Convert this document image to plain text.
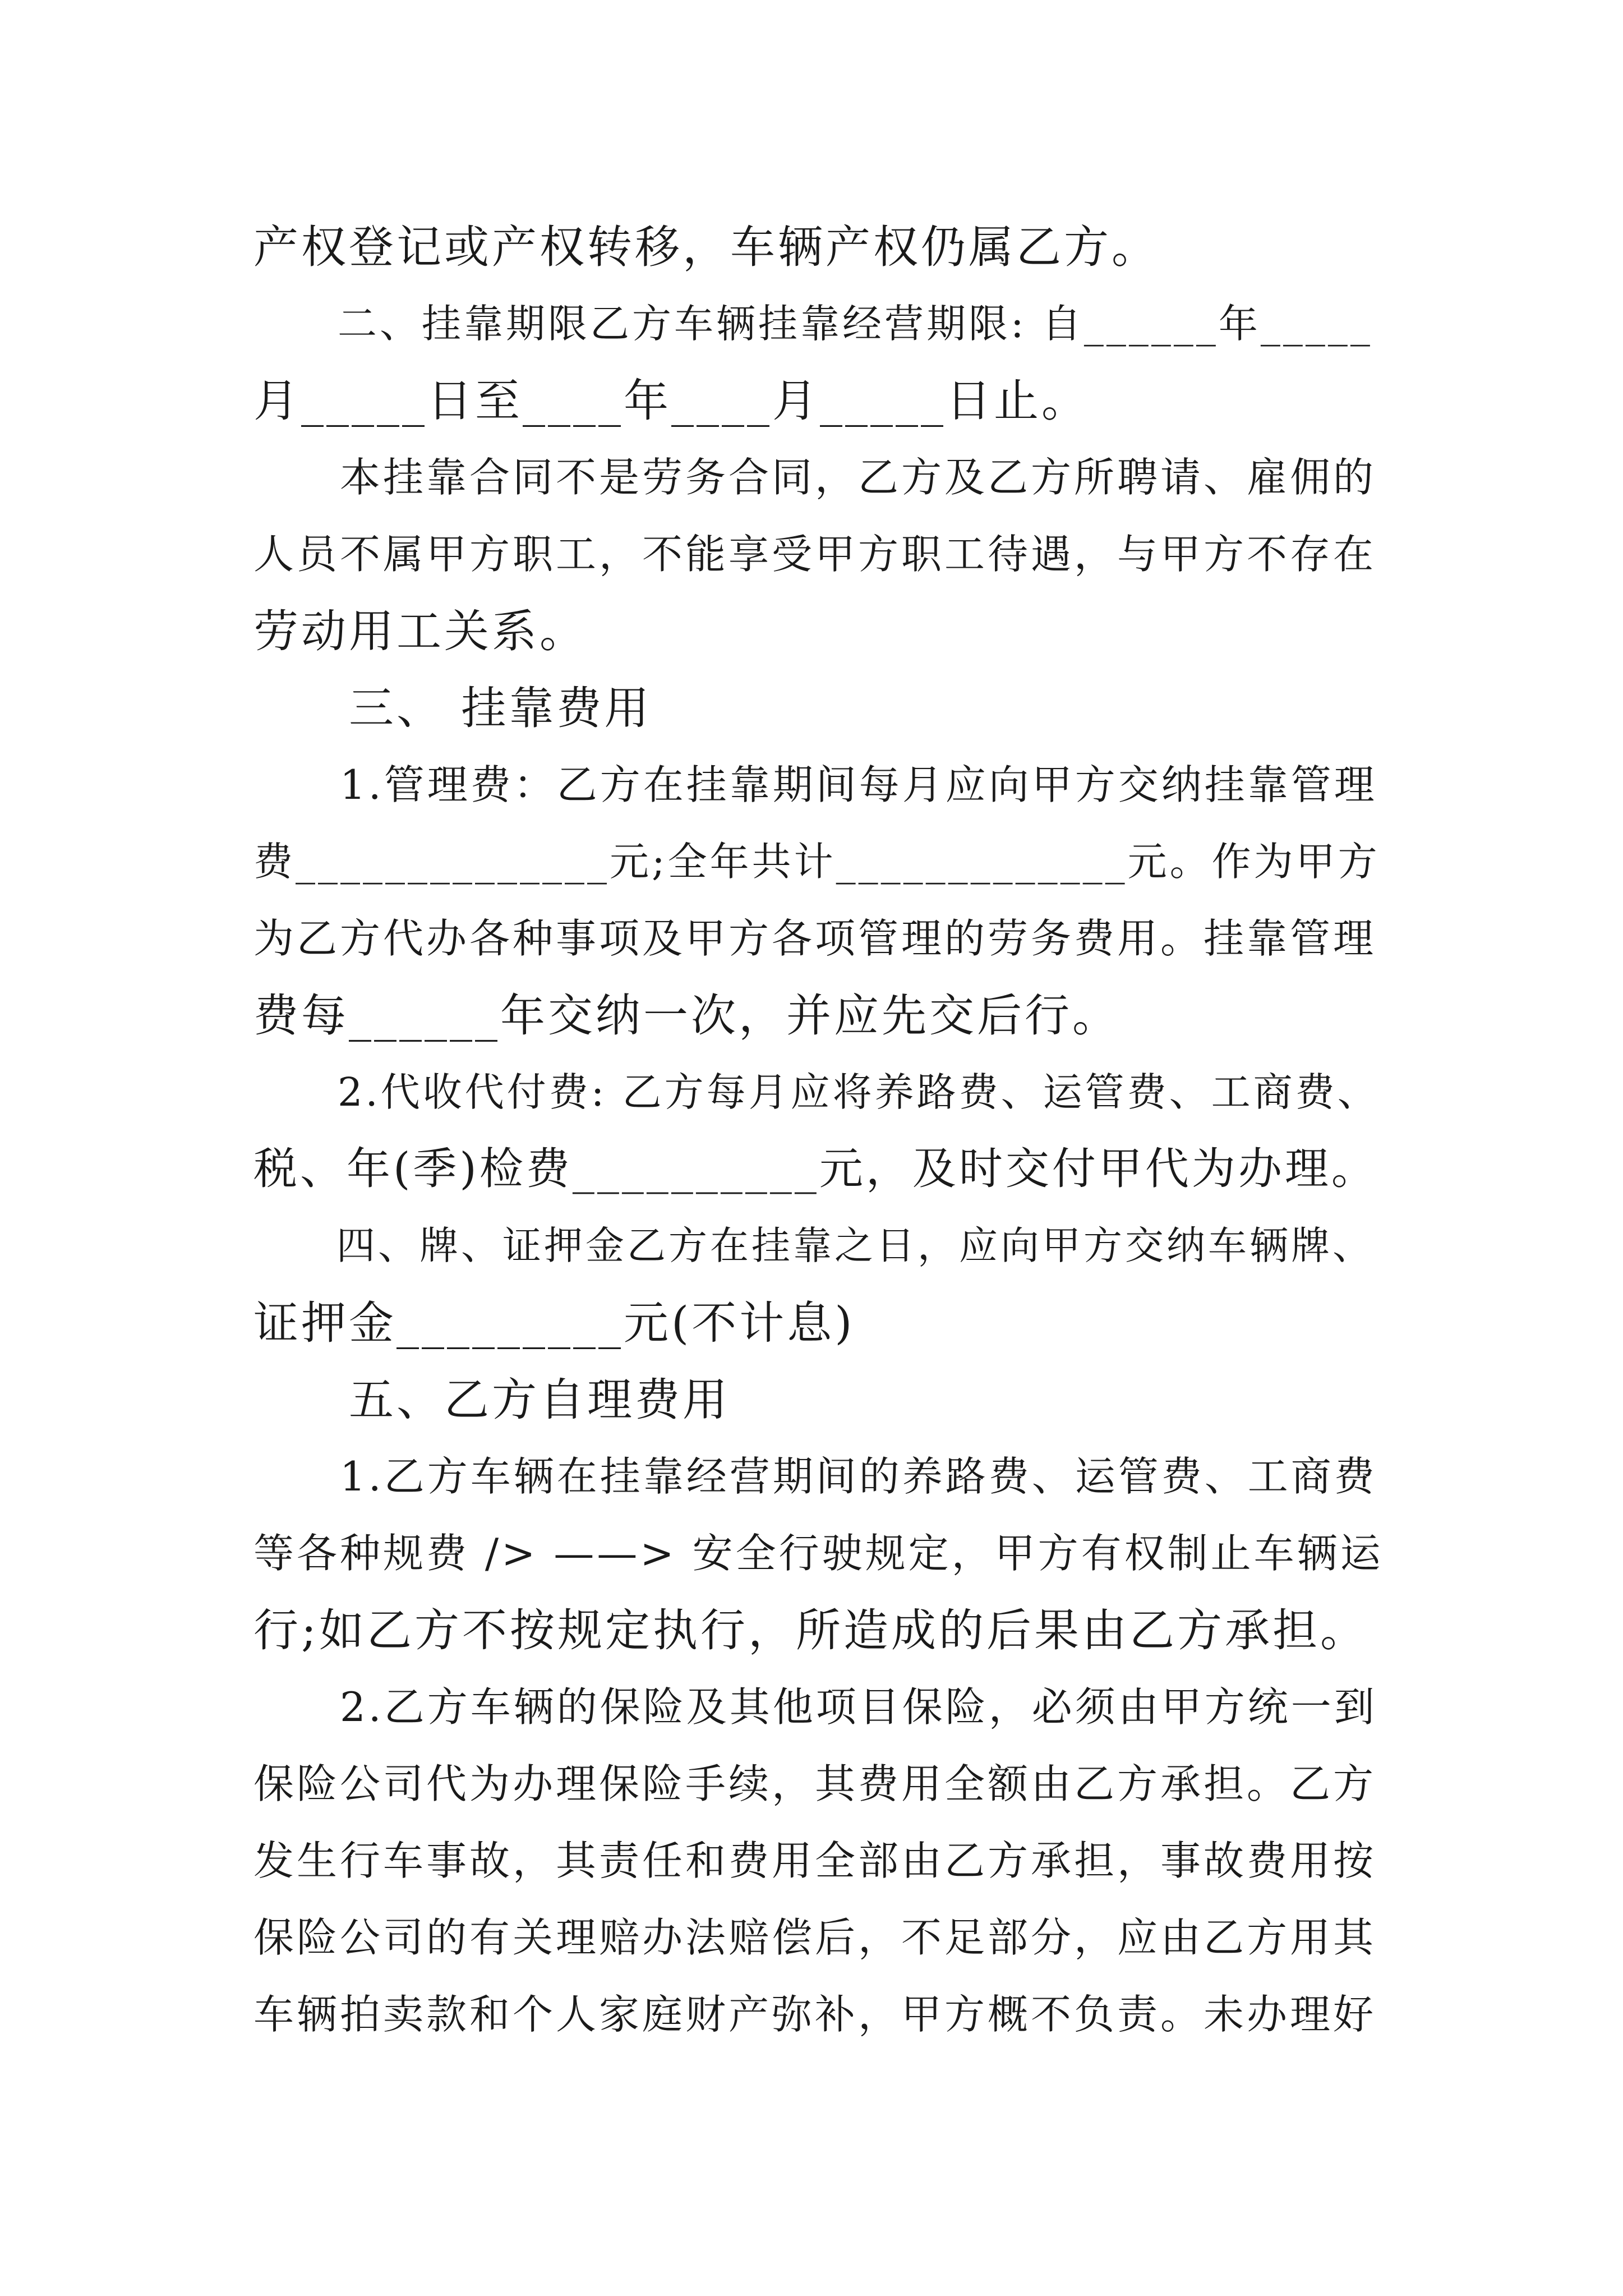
产权登记或产权转移，车辆产权仍属乙方。
　　二、挂靠期限乙方车辆挂靠经营期限: 自______年_____
月_____日至____年____月_____日止。
　　本挂靠合同不是劳务合同，乙方及乙方所聘请、雇佣的
人员不属甲方职工，不能享受甲方职工待遇，与甲方不存在
劳动用工关系。
　　三、 挂靠费用
　　1.管理费：乙方在挂靠期间每月应向甲方交纳挂靠管理
费______________元;全年共计_____________元。作为甲方
为乙方代办各种事项及甲方各项管理的劳务费用。挂靠管理
费每______年交纳一次，并应先交后行。
　　2.代收代付费: 乙方每月应将养路费、运管费、工商费、
税、年(季)检费__________元，及时交付甲代为办理。
　　四、牌、证押金乙方在挂靠之日，应向甲方交纳车辆牌、
证押金_________元(不计息)
　　五、乙方自理费用
　　1.乙方车辆在挂靠经营期间的养路费、运管费、工商费
等各种规费 /> ——> 安全行驶规定，甲方有权制止车辆运
行;如乙方不按规定执行，所造成的后果由乙方承担。
　　2.乙方车辆的保险及其他项目保险，必须由甲方统一到
保险公司代为办理保险手续，其费用全额由乙方承担。乙方
发生行车事故，其责任和费用全部由乙方承担，事故费用按
保险公司的有关理赔办法赔偿后，不足部分，应由乙方用其
车辆拍卖款和个人家庭财产弥补，甲方概不负责。未办理好
